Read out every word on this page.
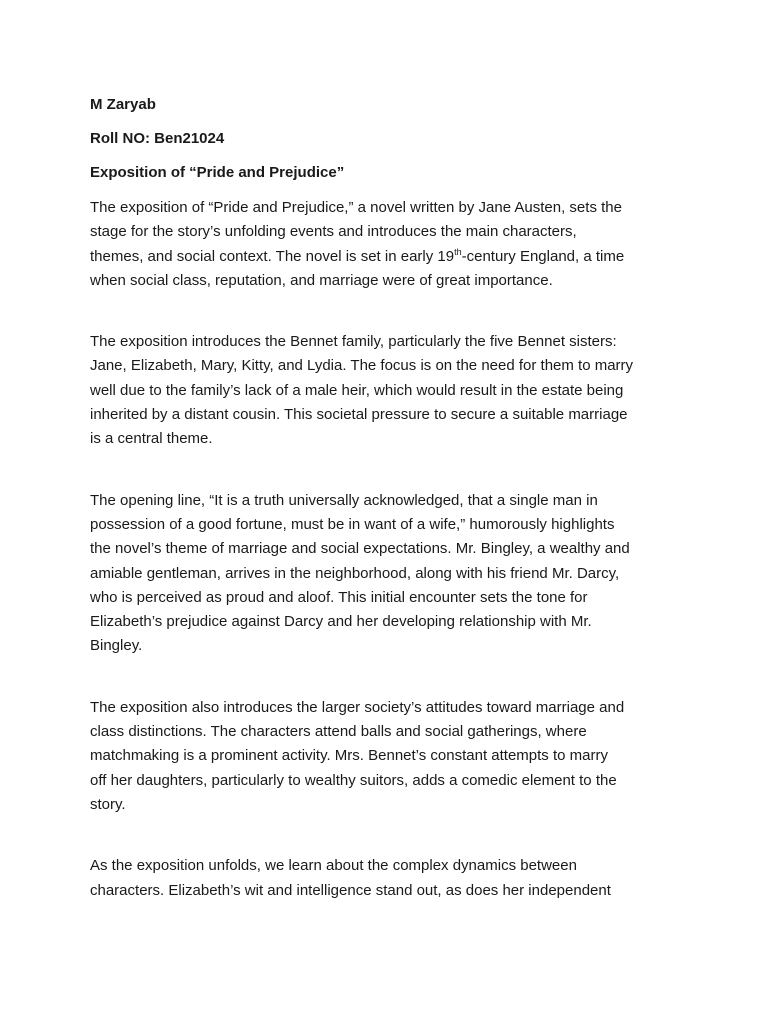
M Zaryab

Roll NO: Ben21024

Exposition of “Pride and Prejudice”

The exposition of “Pride and Prejudice,” a novel written by Jane Austen, sets the
stage for the story’s unfolding events and introduces the main characters,
themes, and social context. The novel is set in early 19th-century England, a time
when social class, reputation, and marriage were of great importance.
The exposition introduces the Bennet family, particularly the five Bennet sisters:
Jane, Elizabeth, Mary, Kitty, and Lydia. The focus is on the need for them to marry
well due to the family’s lack of a male heir, which would result in the estate being
inherited by a distant cousin. This societal pressure to secure a suitable marriage
is a central theme.
The opening line, “It is a truth universally acknowledged, that a single man in
possession of a good fortune, must be in want of a wife,” humorously highlights
the novel’s theme of marriage and social expectations. Mr. Bingley, a wealthy and
amiable gentleman, arrives in the neighborhood, along with his friend Mr. Darcy,
who is perceived as proud and aloof. This initial encounter sets the tone for
Elizabeth’s prejudice against Darcy and her developing relationship with Mr.
Bingley.
The exposition also introduces the larger society’s attitudes toward marriage and
class distinctions. The characters attend balls and social gatherings, where
matchmaking is a prominent activity. Mrs. Bennet’s constant attempts to marry
off her daughters, particularly to wealthy suitors, adds a comedic element to the
story.
As the exposition unfolds, we learn about the complex dynamics between
characters. Elizabeth’s wit and intelligence stand out, as does her independent
